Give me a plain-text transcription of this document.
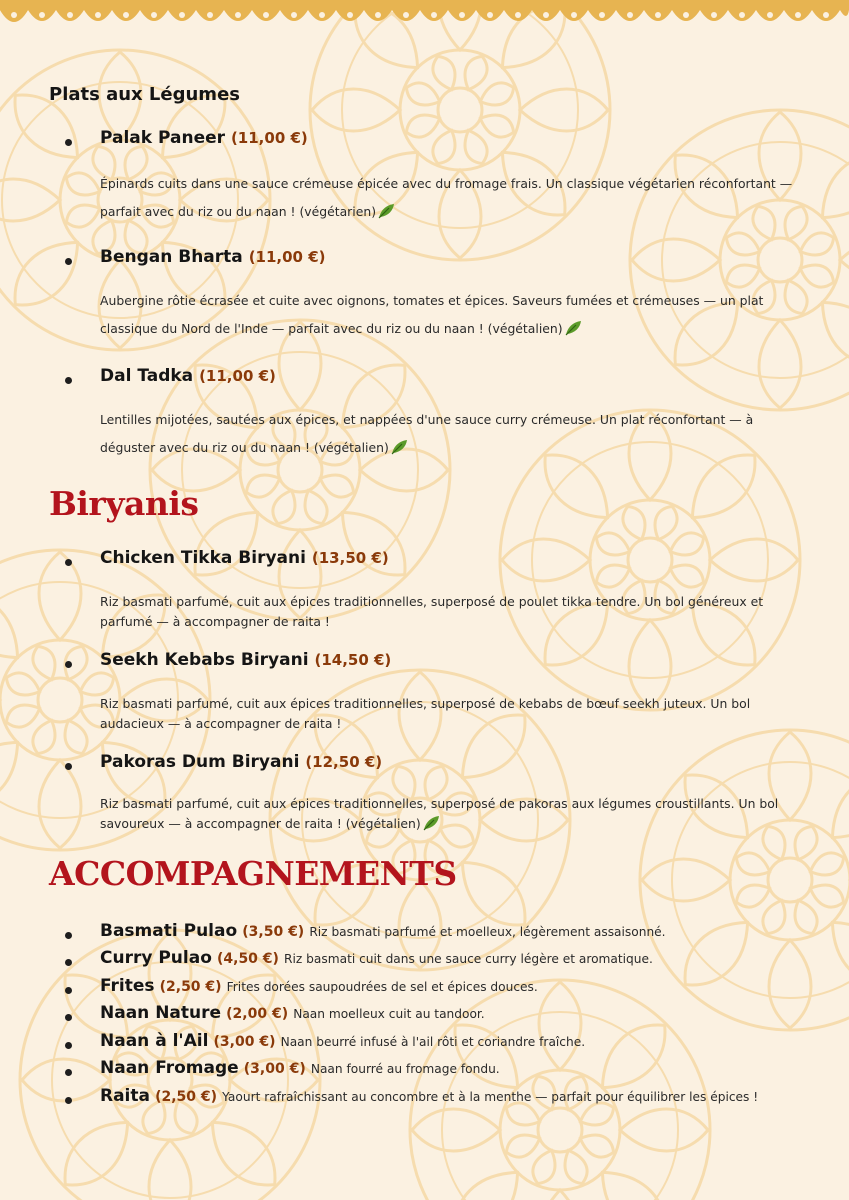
Plats aux Légumes

Palak Paneer (11,00 €)

Épinards cuits dans une sauce crémeuse épicée avec du fromage frais. Un classique végétarien réconfortant — parfait avec du riz ou du naan ! (végétarien)

Bengan Bharta (11,00 €)

Aubergine rôtie écrasée et cuite avec oignons, tomates et épices. Saveurs fumées et crémeuses — un plat classique du Nord de l'Inde — parfait avec du riz ou du naan ! (végétalien)

Dal Tadka (11,00 €)

Lentilles mijotées, sautées aux épices, et nappées d'une sauce curry crémeuse. Un plat réconfortant — à déguster avec du riz ou du naan ! (végétalien)

Biryanis

Chicken Tikka Biryani (13,50 €)

Riz basmati parfumé, cuit aux épices traditionnelles, superposé de poulet tikka tendre. Un bol généreux et parfumé — à accompagner de raita !

Seekh Kebabs Biryani (14,50 €)

Riz basmati parfumé, cuit aux épices traditionnelles, superposé de kebabs de bœuf seekh juteux. Un bol audacieux — à accompagner de raita !

Pakoras Dum Biryani (12,50 €)

Riz basmati parfumé, cuit aux épices traditionnelles, superposé de pakoras aux légumes croustillants. Un bol savoureux — à accompagner de raita ! (végétalien)

ACCOMPAGNEMENTS

Basmati Pulao (3,50 €) Riz basmati parfumé et moelleux, légèrement assaisonné.

Curry Pulao (4,50 €) Riz basmati cuit dans une sauce curry légère et aromatique.

Frites (2,50 €) Frites dorées saupoudrées de sel et épices douces.

Naan Nature (2,00 €) Naan moelleux cuit au tandoor.

Naan à l'Ail (3,00 €) Naan beurré infusé à l'ail rôti et coriandre fraîche.

Naan Fromage (3,00 €) Naan fourré au fromage fondu.

Raita (2,50 €) Yaourt rafraîchissant au concombre et à la menthe — parfait pour équilibrer les épices !
